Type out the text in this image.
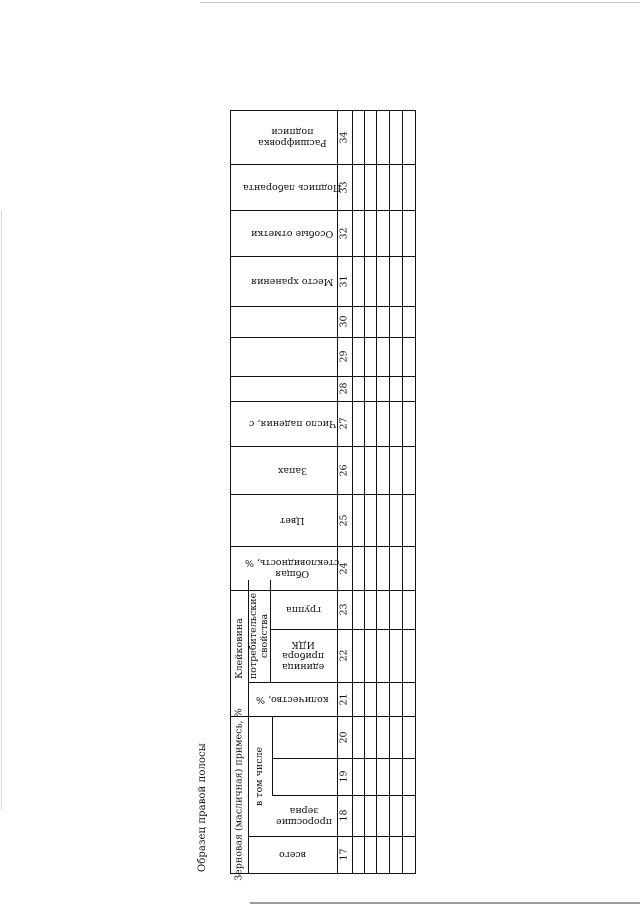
Образец правой полосы
Расшифровка
подписи
Подпись лаборанта
Особые отметки
Место хранения
Число падения, с
Запах
Цвет
Общая
стекловидность, %
группа
единица
прибора
ИДК
количество, %
проросшие
зерна
всего
Клейковина потребительские свойства
Зерновая (масличная) примесь, % в том числе
17
18
19
20
21
22
23
24
25
26
27
28
29
30
31
32
33
34
